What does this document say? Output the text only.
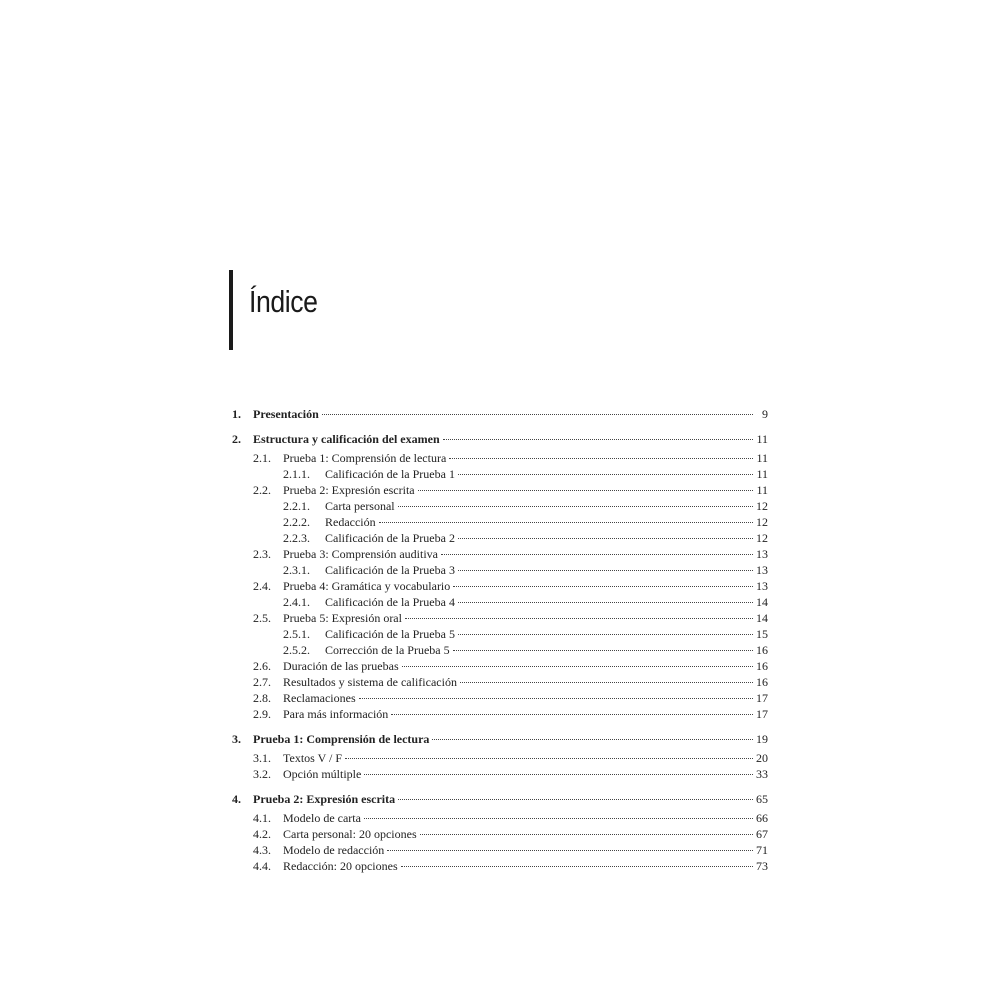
Índice
1.	Presentación	9
2.	Estructura y calificación del examen	11
2.1.	Prueba 1: Comprensión de lectura	11
2.1.1.	Calificación de la Prueba 1	11
2.2.	Prueba 2: Expresión escrita	11
2.2.1.	Carta personal	12
2.2.2.	Redacción	12
2.2.3.	Calificación de la Prueba 2	12
2.3.	Prueba 3: Comprensión auditiva	13
2.3.1.	Calificación de la Prueba 3	13
2.4.	Prueba 4: Gramática y vocabulario	13
2.4.1.	Calificación de la Prueba 4	14
2.5.	Prueba 5: Expresión oral	14
2.5.1.	Calificación de la Prueba 5	15
2.5.2.	Corrección de la Prueba 5	16
2.6.	Duración de las pruebas	16
2.7.	Resultados y sistema de calificación	16
2.8.	Reclamaciones	17
2.9.	Para más información	17
3.	Prueba 1: Comprensión de lectura	19
3.1.	Textos V / F	20
3.2.	Opción múltiple	33
4.	Prueba 2: Expresión escrita	65
4.1.	Modelo de carta	66
4.2.	Carta personal: 20 opciones	67
4.3.	Modelo de redacción	71
4.4.	Redacción: 20 opciones	73
